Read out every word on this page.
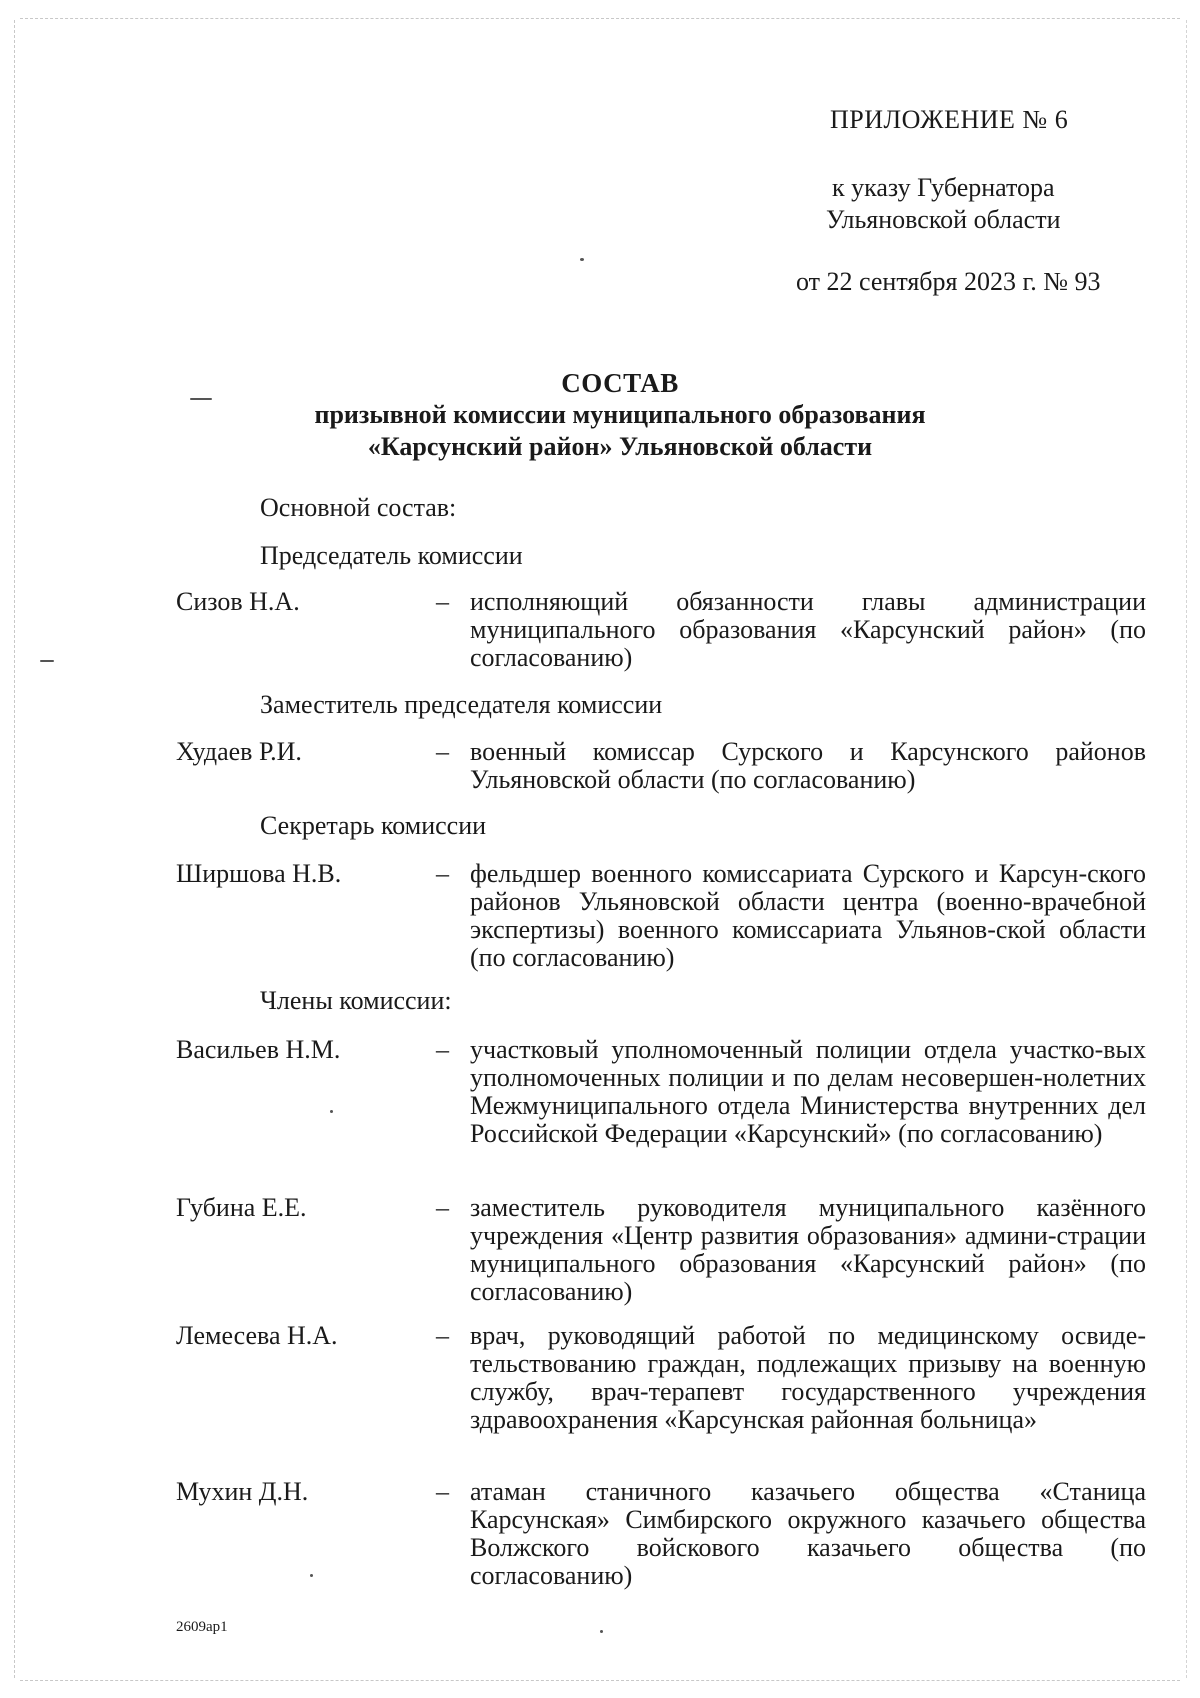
ПРИЛОЖЕНИЕ № 6
к указу Губернатора
Ульяновской области
от 22 сентября 2023 г. № 93
СОСТАВ
призывной комиссии муниципального образования
«Карсунский район» Ульяновской области
Основной состав:
Председатель комиссии
Сизов Н.А.	– исполняющий обязанности главы администрации муниципального образования «Карсунский район» (по согласованию)
Заместитель председателя комиссии
Худаев Р.И.	– военный комиссар Сурского и Карсунского районов Ульяновской области (по согласованию)
Секретарь комиссии
Ширшова Н.В.	– фельдшер военного комиссариата Сурского и Карсун-ского районов Ульяновской области центра (военно-врачебной экспертизы) военного комиссариата Ульянов-ской области (по согласованию)
Члены комиссии:
Васильев Н.М.	– участковый уполномоченный полиции отдела участко-вых уполномоченных полиции и по делам несовершен-нолетних Межмуниципального отдела Министерства внутренних дел Российской Федерации «Карсунский» (по согласованию)
Губина Е.Е.	– заместитель руководителя муниципального казённого учреждения «Центр развития образования» админи-страции муниципального образования «Карсунский район» (по согласованию)
Лемесева Н.А.	– врач, руководящий работой по медицинскому освиде-тельствованию граждан, подлежащих призыву на военную службу, врач-терапевт государственного учреждения здравоохранения «Карсунская районная больница»
Мухин Д.Н.	– атаман станичного казачьего общества «Станица Карсунская» Симбирского окружного казачьего общества Волжского войскового казачьего общества (по согласованию)
2609ap1
